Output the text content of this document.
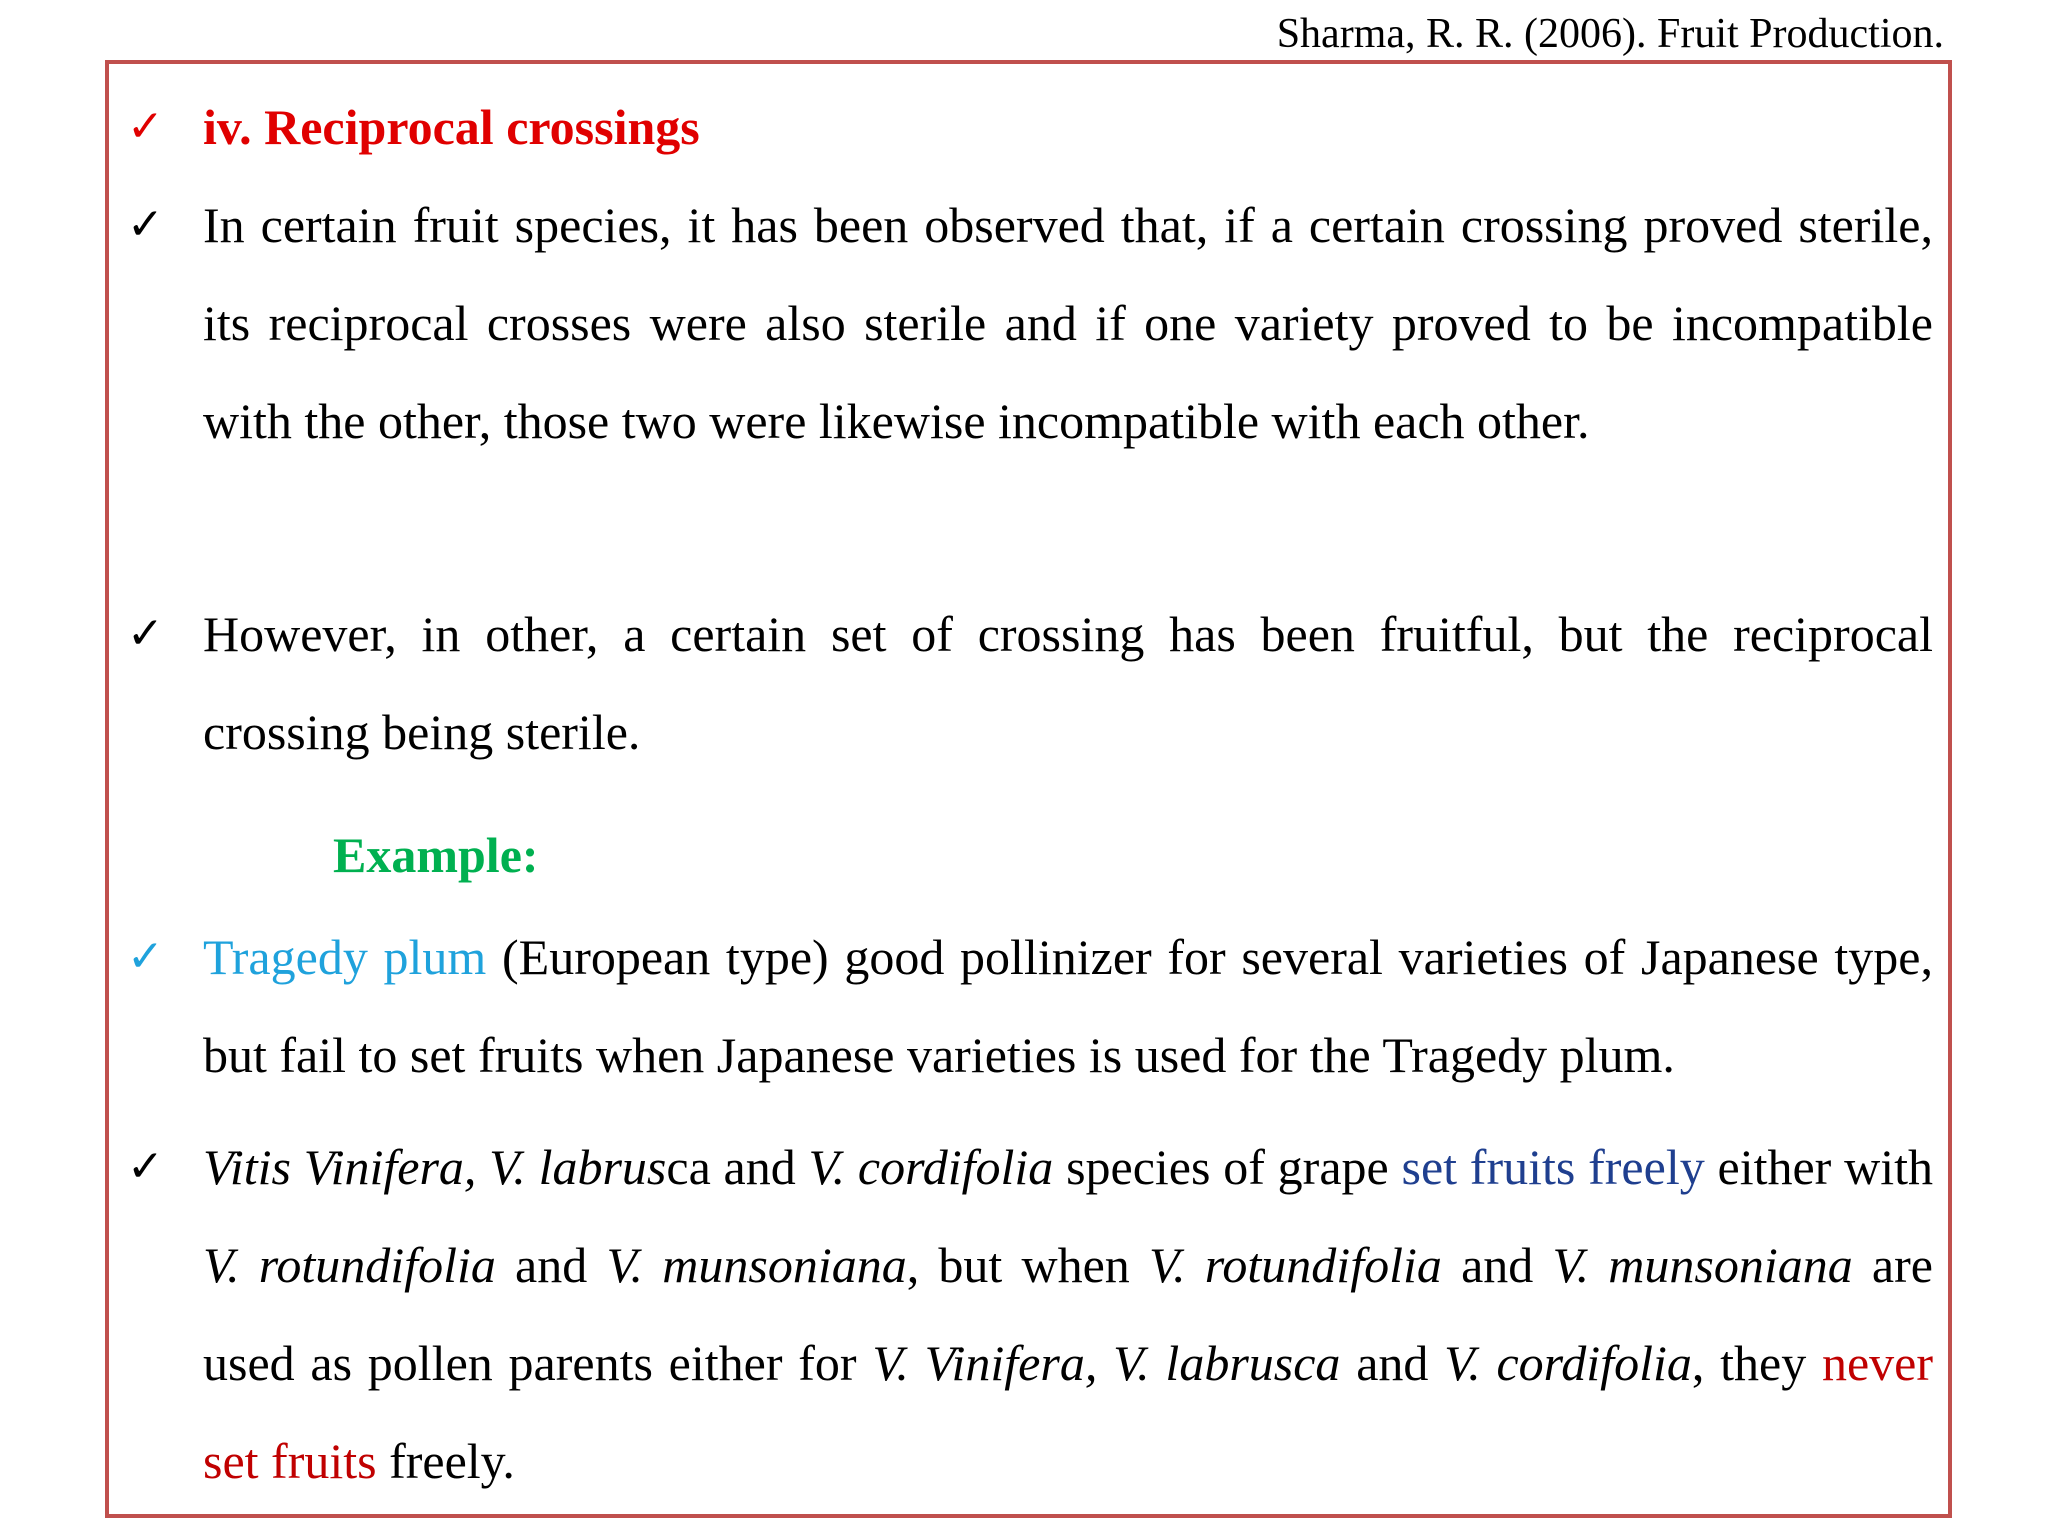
Sharma, R. R. (2006). Fruit Production.
✓ iv. Reciprocal crossings
✓ In certain fruit species, it has been observed that, if a certain crossing proved sterile, its reciprocal crosses were also sterile and if one variety proved to be incompatible with the other, those two were likewise incompatible with each other.
✓ However, in other, a certain set of crossing has been fruitful, but the reciprocal crossing being sterile.
Example:
✓ Tragedy plum (European type) good pollinizer for several varieties of Japanese type, but fail to set fruits when Japanese varieties is used for the Tragedy plum.
✓ Vitis Vinifera, V. labrusca and V. cordifolia species of grape set fruits freely either with V. rotundifolia and V. munsoniana, but when V. rotundifolia and V. munsoniana are used as pollen parents either for V. Vinifera, V. labrusca and V. cordifolia, they never set fruits freely.
